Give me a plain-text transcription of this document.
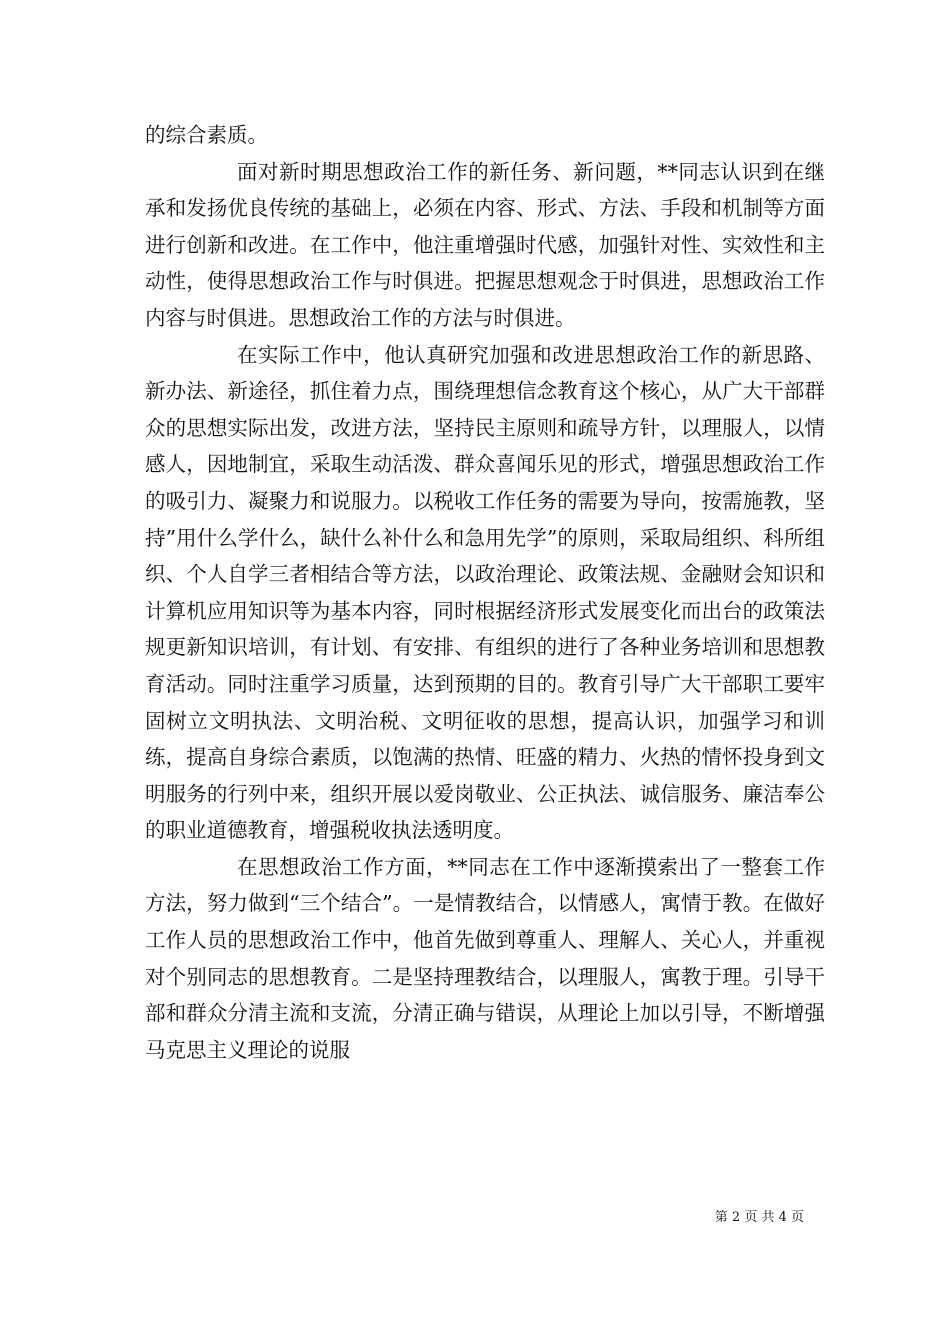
的综合素质。

面对新时期思想政治工作的新任务、新问题，**同志认识到在继承和发扬优良传统的基础上，必须在内容、形式、方法、手段和机制等方面进行创新和改进。在工作中，他注重增强时代感，加强针对性、实效性和主动性，使得思想政治工作与时俱进。把握思想观念于时俱进，思想政治工作内容与时俱进。思想政治工作的方法与时俱进。

在实际工作中，他认真研究加强和改进思想政治工作的新思路、新办法、新途径，抓住着力点，围绕理想信念教育这个核心，从广大干部群众的思想实际出发，改进方法，坚持民主原则和疏导方针，以理服人，以情感人，因地制宜，采取生动活泼、群众喜闻乐见的形式，增强思想政治工作的吸引力、凝聚力和说服力。以税收工作任务的需要为导向，按需施教，坚持”用什么学什么，缺什么补什么和急用先学”的原则，采取局组织、科所组织、个人自学三者相结合等方法，以政治理论、政策法规、金融财会知识和计算机应用知识等为基本内容，同时根据经济形式发展变化而出台的政策法规更新知识培训，有计划、有安排、有组织的进行了各种业务培训和思想教育活动。同时注重学习质量，达到预期的目的。教育引导广大干部职工要牢固树立文明执法、文明治税、文明征收的思想，提高认识，加强学习和训练，提高自身综合素质，以饱满的热情、旺盛的精力、火热的情怀投身到文明服务的行列中来，组织开展以爱岗敬业、公正执法、诚信服务、廉洁奉公的职业道德教育，增强税收执法透明度。

在思想政治工作方面，**同志在工作中逐渐摸索出了一整套工作方法，努力做到“三个结合”。一是情教结合，以情感人，寓情于教。在做好工作人员的思想政治工作中，他首先做到尊重人、理解人、关心人，并重视对个别同志的思想教育。二是坚持理教结合，以理服人，寓教于理。引导干部和群众分清主流和支流，分清正确与错误，从理论上加以引导，不断增强马克思主义理论的说服

第 2 页 共 4 页
